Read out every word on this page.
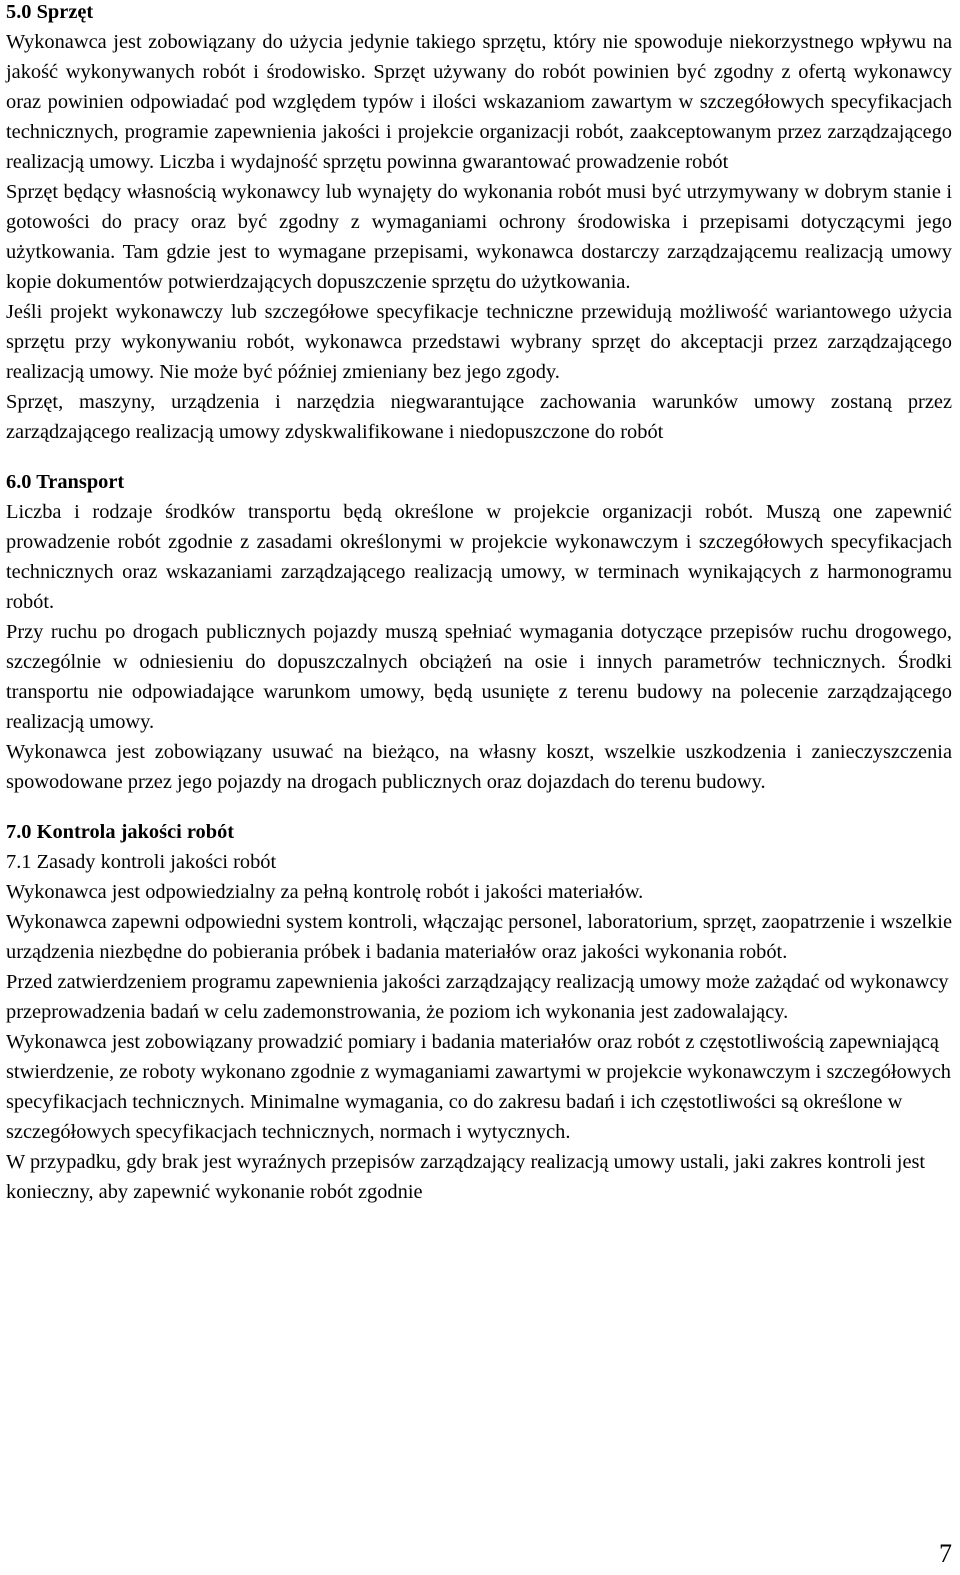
5.0 Sprzęt
Wykonawca jest zobowiązany do użycia jedynie takiego sprzętu, który nie spowoduje niekorzystnego wpływu na jakość wykonywanych robót i środowisko. Sprzęt używany do robót powinien być zgodny z ofertą wykonawcy oraz powinien odpowiadać pod względem typów i ilości wskazaniom zawartym w szczegółowych specyfikacjach technicznych, programie zapewnienia jakości i projekcie organizacji robót, zaakceptowanym przez zarządzającego realizacją umowy. Liczba i wydajność sprzętu powinna gwarantować prowadzenie robót
Sprzęt będący własnością wykonawcy lub wynajęty do wykonania robót musi być utrzymywany w dobrym stanie i gotowości do pracy oraz być zgodny z wymaganiami ochrony środowiska i przepisami dotyczącymi jego użytkowania. Tam gdzie jest to wymagane przepisami, wykonawca dostarczy zarządzającemu realizacją umowy kopie dokumentów potwierdzających dopuszczenie sprzętu do użytkowania.
Jeśli projekt wykonawczy lub szczegółowe specyfikacje techniczne przewidują możliwość wariantowego użycia sprzętu przy wykonywaniu robót, wykonawca przedstawi wybrany sprzęt do akceptacji przez zarządzającego realizacją umowy. Nie może być później zmieniany bez jego zgody.
Sprzęt, maszyny, urządzenia i narzędzia niegwarantujące zachowania warunków umowy zostaną przez zarządzającego realizacją umowy zdyskwalifikowane i niedopuszczone do robót
6.0 Transport
Liczba i rodzaje środków transportu będą określone w projekcie organizacji robót. Muszą one zapewnić prowadzenie robót zgodnie z zasadami określonymi w projekcie wykonawczym i szczegółowych specyfikacjach technicznych oraz wskazaniami zarządzającego realizacją umowy, w terminach wynikających z harmonogramu robót.
Przy ruchu po drogach publicznych pojazdy muszą spełniać wymagania dotyczące przepisów ruchu drogowego, szczególnie w odniesieniu do dopuszczalnych obciążeń na osie i innych parametrów technicznych. Środki transportu nie odpowiadające warunkom umowy, będą usunięte z terenu budowy na polecenie zarządzającego realizacją umowy.
Wykonawca jest zobowiązany usuwać na bieżąco, na własny koszt, wszelkie uszkodzenia i zanieczyszczenia spowodowane przez jego pojazdy na drogach publicznych oraz dojazdach do terenu budowy.
7.0 Kontrola jakości robót
7.1 Zasady kontroli jakości robót
Wykonawca jest odpowiedzialny za pełną kontrolę robót i jakości materiałów.
Wykonawca zapewni odpowiedni system kontroli, włączając personel, laboratorium, sprzęt, zaopatrzenie i wszelkie urządzenia niezbędne do pobierania próbek i badania materiałów oraz jakości wykonania robót.
Przed zatwierdzeniem programu zapewnienia jakości zarządzający realizacją umowy może zażądać od wykonawcy przeprowadzenia badań w celu zademonstrowania, że poziom ich wykonania jest zadowalający.
Wykonawca jest zobowiązany prowadzić pomiary i badania materiałów oraz robót z częstotliwością zapewniającą stwierdzenie, ze roboty wykonano zgodnie z wymaganiami zawartymi w projekcie wykonawczym i szczegółowych specyfikacjach technicznych. Minimalne wymagania, co do zakresu badań i ich częstotliwości są określone w szczegółowych specyfikacjach technicznych, normach i wytycznych.
W przypadku, gdy brak jest wyraźnych przepisów zarządzający realizacją umowy ustali, jaki zakres kontroli jest konieczny, aby zapewnić wykonanie robót zgodnie
7
